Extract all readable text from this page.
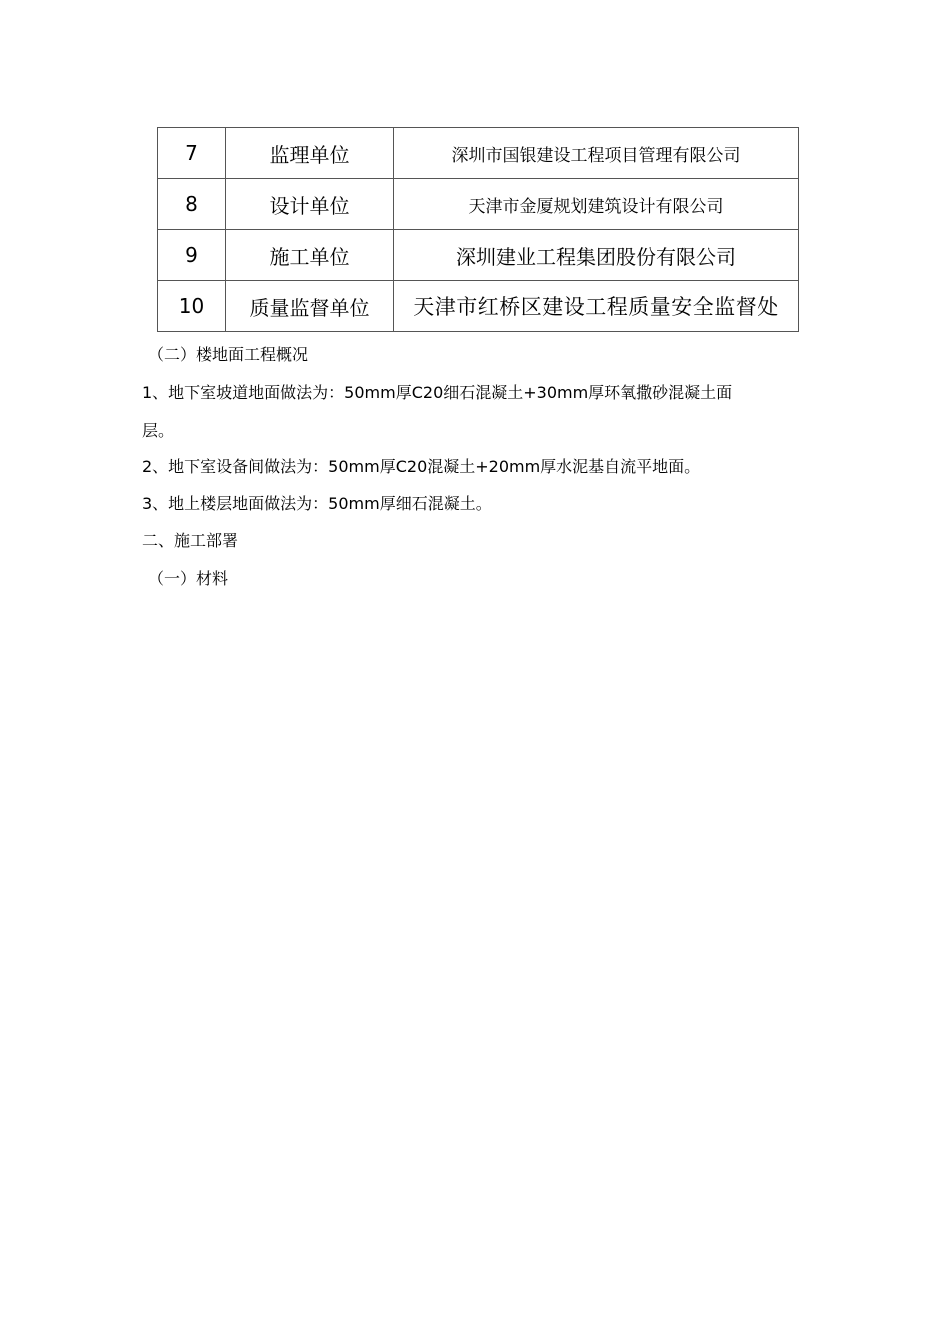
7	监理单位	深圳市国银建设工程项目管理有限公司
8	设计单位	天津市金厦规划建筑设计有限公司
9	施工单位	深圳建业工程集团股份有限公司
10	质量监督单位	天津市红桥区建设工程质量安全监督处
（二）楼地面工程概况
1、地下室坡道地面做法为：50mm厚C20细石混凝土+30mm厚环氧撒砂混凝土面
层。
2、地下室设备间做法为：50mm厚C20混凝土+20mm厚水泥基自流平地面。
3、地上楼层地面做法为：50mm厚细石混凝土。
二、施工部署
（一）材料
